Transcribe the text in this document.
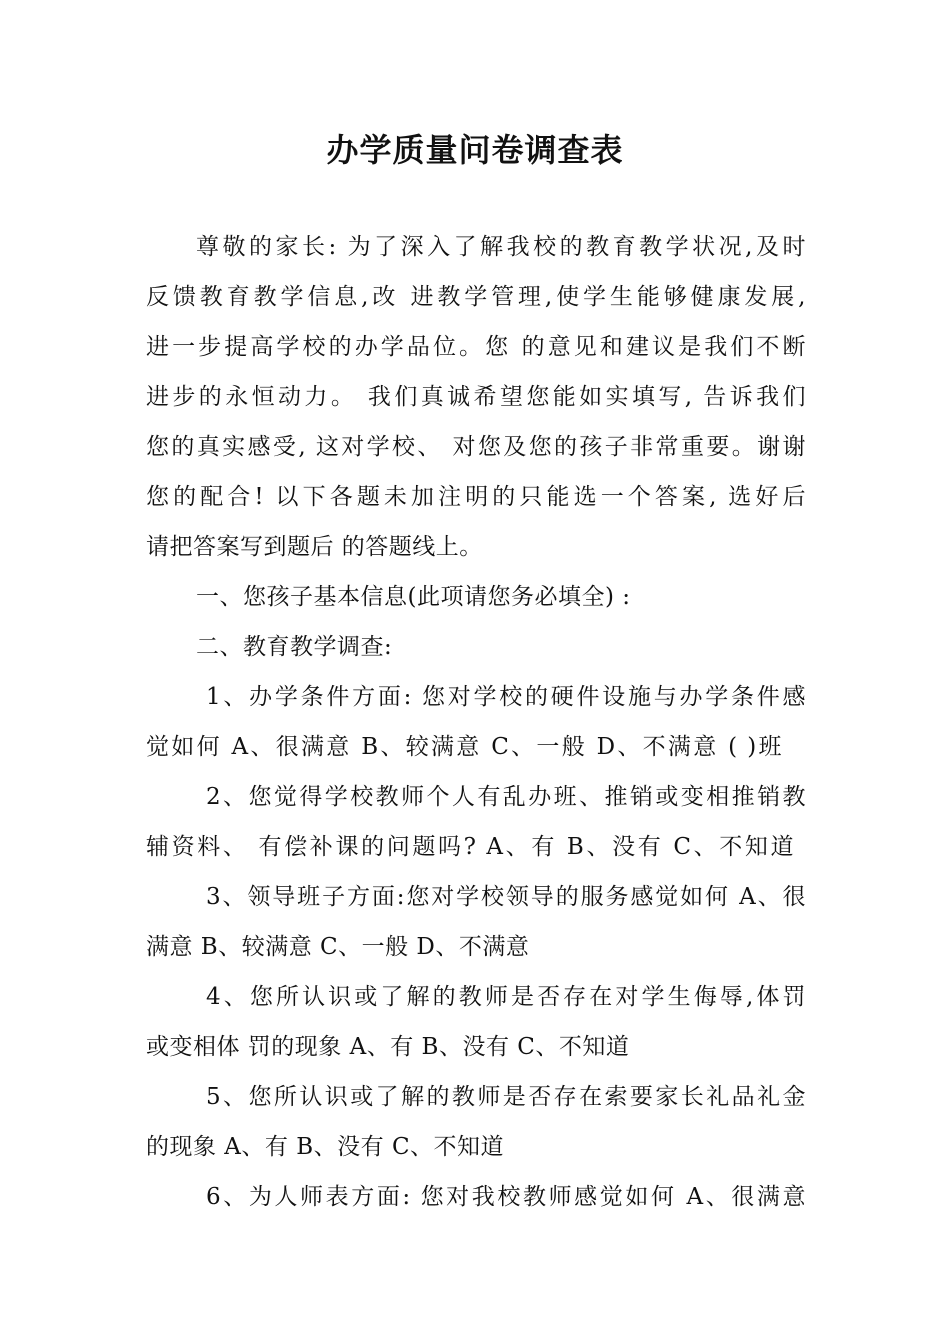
办学质量问卷调查表
尊敬的家长: 为了深入了解我校的教育教学状况,及时
反馈教育教学信息,改 进教学管理,使学生能够健康发展,
进一步提高学校的办学品位。您 的意见和建议是我们不断
进步的永恒动力。 我们真诚希望您能如实填写, 告诉我们
您的真实感受, 这对学校、 对您及您的孩子非常重要。谢谢
您的配合! 以下各题未加注明的只能选一个答案, 选好后
请把答案写到题后 的答题线上。
一、您孩子基本信息(此项请您务必填全) :
二、教育教学调查:
1、办学条件方面: 您对学校的硬件设施与办学条件感
觉如何 A、很满意 B、较满意 C、一般 D、不满意 ( )班
2、您觉得学校教师个人有乱办班、推销或变相推销教
辅资料、 有偿补课的问题吗? A、有 B、没有 C、不知道
3、领导班子方面:您对学校领导的服务感觉如何 A、很
满意 B、较满意 C、一般 D、不满意
4、您所认识或了解的教师是否存在对学生侮辱,体罚
或变相体 罚的现象 A、有 B、没有 C、不知道
5、您所认识或了解的教师是否存在索要家长礼品礼金
的现象 A、有 B、没有 C、不知道
6、为人师表方面: 您对我校教师感觉如何 A、很满意
